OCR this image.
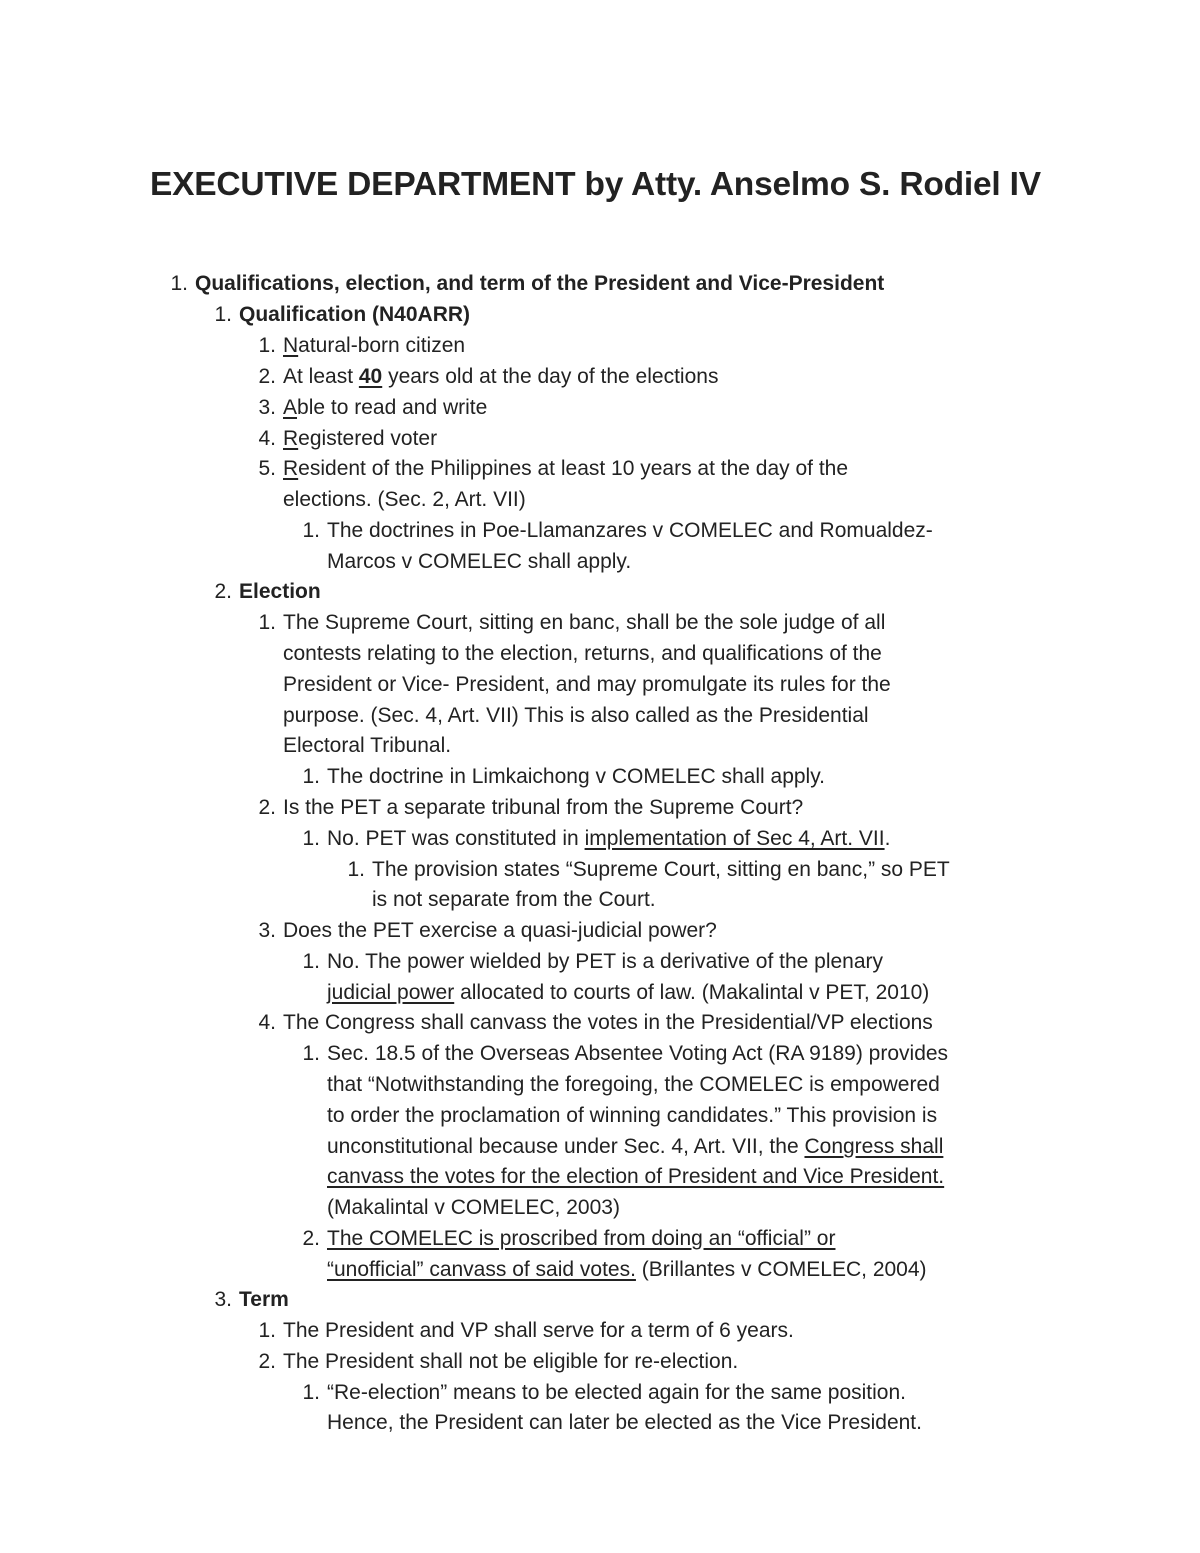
EXECUTIVE DEPARTMENT by Atty. Anselmo S. Rodiel IV
1. Qualifications, election, and term of the President and Vice-President
1. Qualification (N40ARR)
1. Natural-born citizen
2. At least 40 years old at the day of the elections
3. Able to read and write
4. Registered voter
5. Resident of the Philippines at least 10 years at the day of the
elections. (Sec. 2, Art. VII)
1. The doctrines in Poe-Llamanzares v COMELEC and Romualdez-
Marcos v COMELEC shall apply.
2. Election
1. The Supreme Court, sitting en banc, shall be the sole judge of all
contests relating to the election, returns, and qualifications of the
President or Vice- President, and may promulgate its rules for the
purpose. (Sec. 4, Art. VII) This is also called as the Presidential
Electoral Tribunal.
1. The doctrine in Limkaichong v COMELEC shall apply.
2. Is the PET a separate tribunal from the Supreme Court?
1. No. PET was constituted in implementation of Sec 4, Art. VII.
1. The provision states “Supreme Court, sitting en banc,” so PET
is not separate from the Court.
3. Does the PET exercise a quasi-judicial power?
1. No. The power wielded by PET is a derivative of the plenary
judicial power allocated to courts of law. (Makalintal v PET, 2010)
4. The Congress shall canvass the votes in the Presidential/VP elections
1. Sec. 18.5 of the Overseas Absentee Voting Act (RA 9189) provides
that “Notwithstanding the foregoing, the COMELEC is empowered
to order the proclamation of winning candidates.” This provision is
unconstitutional because under Sec. 4, Art. VII, the Congress shall
canvass the votes for the election of President and Vice President.
(Makalintal v COMELEC, 2003)
2. The COMELEC is proscribed from doing an “official” or
“unofficial” canvass of said votes. (Brillantes v COMELEC, 2004)
3. Term
1. The President and VP shall serve for a term of 6 years.
2. The President shall not be eligible for re-election.
1. “Re-election” means to be elected again for the same position.
Hence, the President can later be elected as the Vice President.
